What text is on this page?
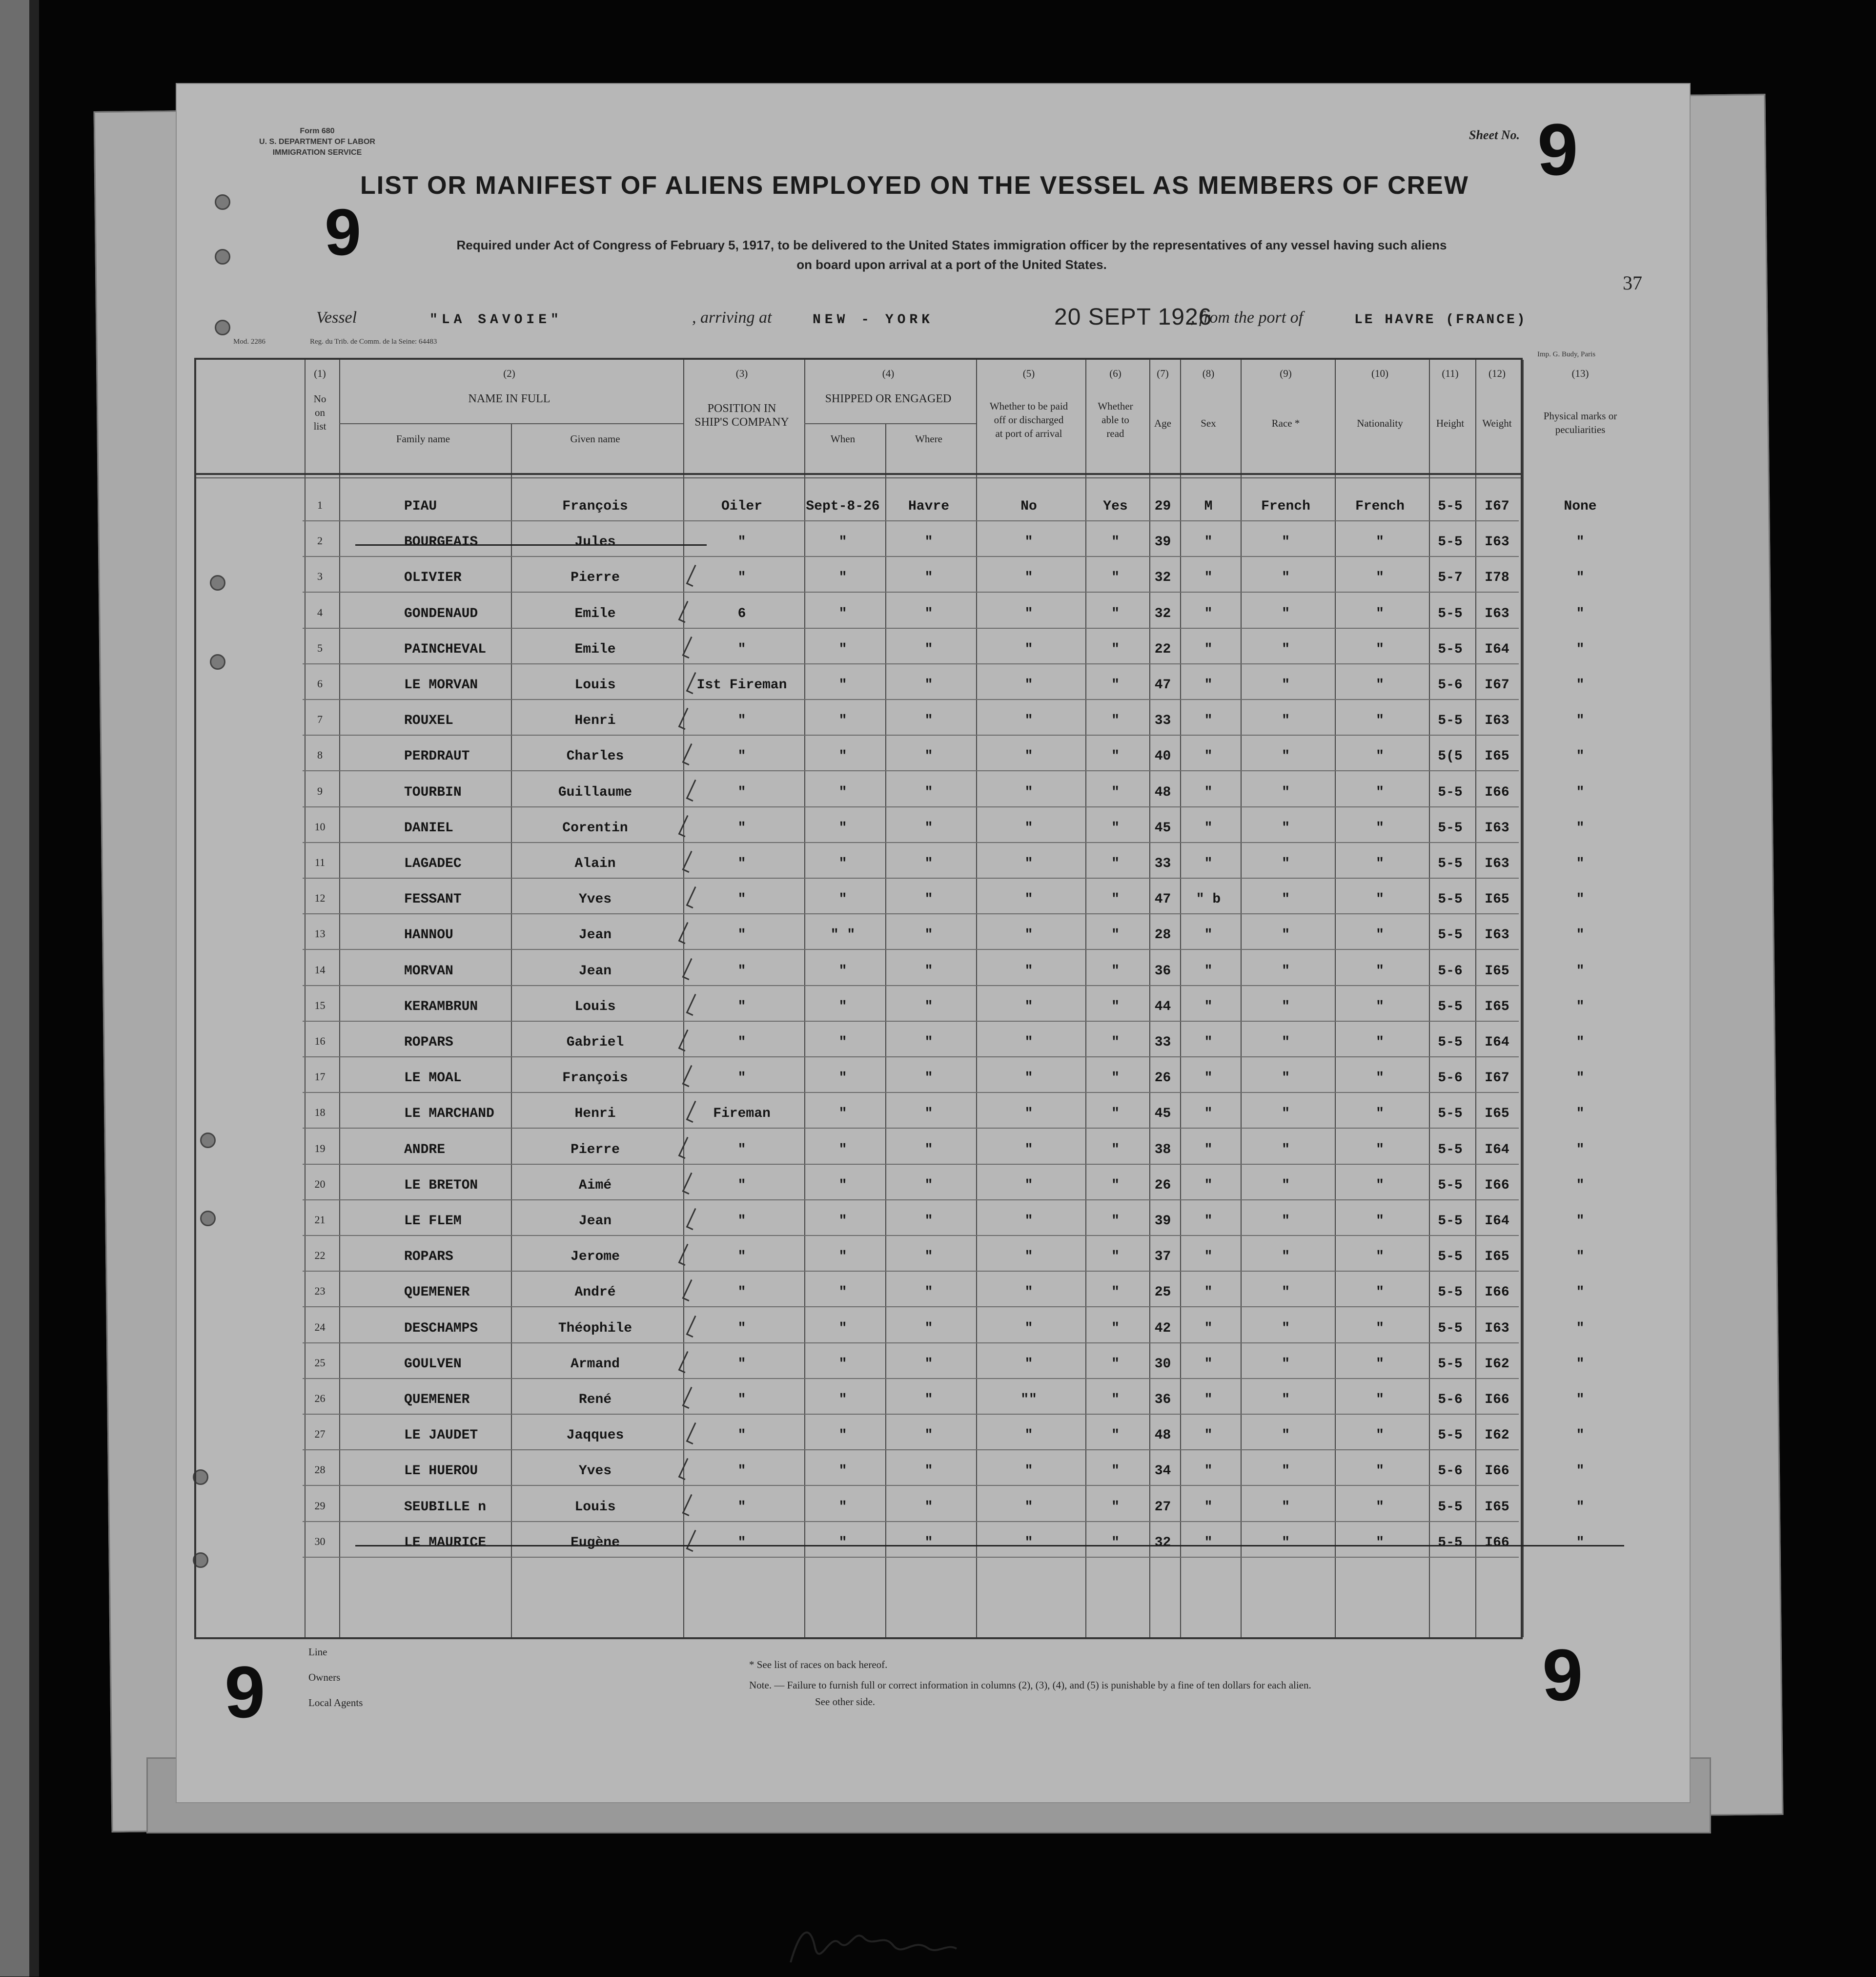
Form 680
U. S. DEPARTMENT OF LABOR
IMMIGRATION SERVICE
Sheet No. 9
LIST OR MANIFEST OF ALIENS EMPLOYED ON THE VESSEL AS MEMBERS OF CREW
9	Required under Act of Congress of February 5, 1917, to be delivered to the United States immigration officer by the representatives of any vessel having such aliens
on board upon arrival at a port of the United States.
37
Vessel	"LA SAVOIE"	, arriving at	NEW - YORK	20 SEPT 1926
, from the port of	LE HAVRE (FRANCE)
Mod. 2286	Reg. du Trib. de Comm. de la Seine: 64483
Imp. G. Budy, Paris
(1)
No
on
list
(2)
NAME IN FULL
(3)
POSITION IN
SHIP'S COMPANY
(4)
SHIPPED OR ENGAGED
(5)
Whether to be paid
off or discharged
at port of arrival
(6)
Whether
able to
read
(7)
Age
(8)
Sex
(9)
Race *
(10)
Nationality
(11)
Height
(12)
Weight
(13)
Physical marks or
peculiarities
Family name	Given name	When	Where
1	PIAU	François	Oiler	Sept-8-26	Havre	No	Yes	29	M	French	French	5-5	I67	None
2	BOURGEAIS	Jules	"	"	"	"	"	39	"	"	"	5-5	I63	"
3	OLIVIER	Pierre	"	"	"	"	"	32	"	"	"	5-7	I78	"
4	GONDENAUD	Emile	6	"	"	"	"	32	"	"	"	5-5	I63	"
5	PAINCHEVAL	Emile	"	"	"	"	"	22	"	"	"	5-5	I64	"
6	LE MORVAN	Louis	Ist Fireman	"	"	"	"	47	"	"	"	5-6	I67	"
7	ROUXEL	Henri	"	"	"	"	"	33	"	"	"	5-5	I63	"
8	PERDRAUT	Charles	"	"	"	"	"	40	"	"	"	5(5	I65	"
9	TOURBIN	Guillaume	"	"	"	"	"	48	"	"	"	5-5	I66	"
10	DANIEL	Corentin	"	"	"	"	"	45	"	"	"	5-5	I63	"
11	LAGADEC	Alain	"	"	"	"	"	33	"	"	"	5-5	I63	"
12	FESSANT	Yves	"	"	"	"	"	47	" b	"	"	5-5	I65	"
13	HANNOU	Jean	"	" "	"	"	"	28	"	"	"	5-5	I63	"
14	MORVAN	Jean	"	"	"	"	"	36	"	"	"	5-6	I65	"
15	KERAMBRUN	Louis	"	"	"	"	"	44	"	"	"	5-5	I65	"
16	ROPARS	Gabriel	"	"	"	"	"	33	"	"	"	5-5	I64	"
17	LE MOAL	François	"	"	"	"	"	26	"	"	"	5-6	I67	"
18	LE MARCHAND	Henri	Fireman	"	"	"	"	45	"	"	"	5-5	I65	"
19	ANDRE	Pierre	"	"	"	"	"	38	"	"	"	5-5	I64	"
20	LE BRETON	Aimé	"	"	"	"	"	26	"	"	"	5-5	I66	"
21	LE FLEM	Jean	"	"	"	"	"	39	"	"	"	5-5	I64	"
22	ROPARS	Jerome	"	"	"	"	"	37	"	"	"	5-5	I65	"
23	QUEMENER	André	"	"	"	"	"	25	"	"	"	5-5	I66	"
24	DESCHAMPS	Théophile	"	"	"	"	"	42	"	"	"	5-5	I63	"
25	GOULVEN	Armand	"	"	"	"	"	30	"	"	"	5-5	I62	"
26	QUEMENER	René	"	"	"	""	"	36	"	"	"	5-6	I66	"
27	LE JAUDET	Jaqques	"	"	"	"	"	48	"	"	"	5-5	I62	"
28	LE HUEROU	Yves	"	"	"	"	"	34	"	"	"	5-6	I66	"
29	SEUBILLE n	Louis	"	"	"	"	"	27	"	"	"	5-5	I65	"
30	LE MAURICE	Eugène	"	"	"	"	"	32	"	"	"	5-5	I66	"
Line
Owners
Local Agents
9	9
* See list of races on back hereof.
Note. — Failure to furnish full or correct information in columns (2), (3), (4), and (5) is punishable by a fine of ten dollars for each alien.
See other side.
